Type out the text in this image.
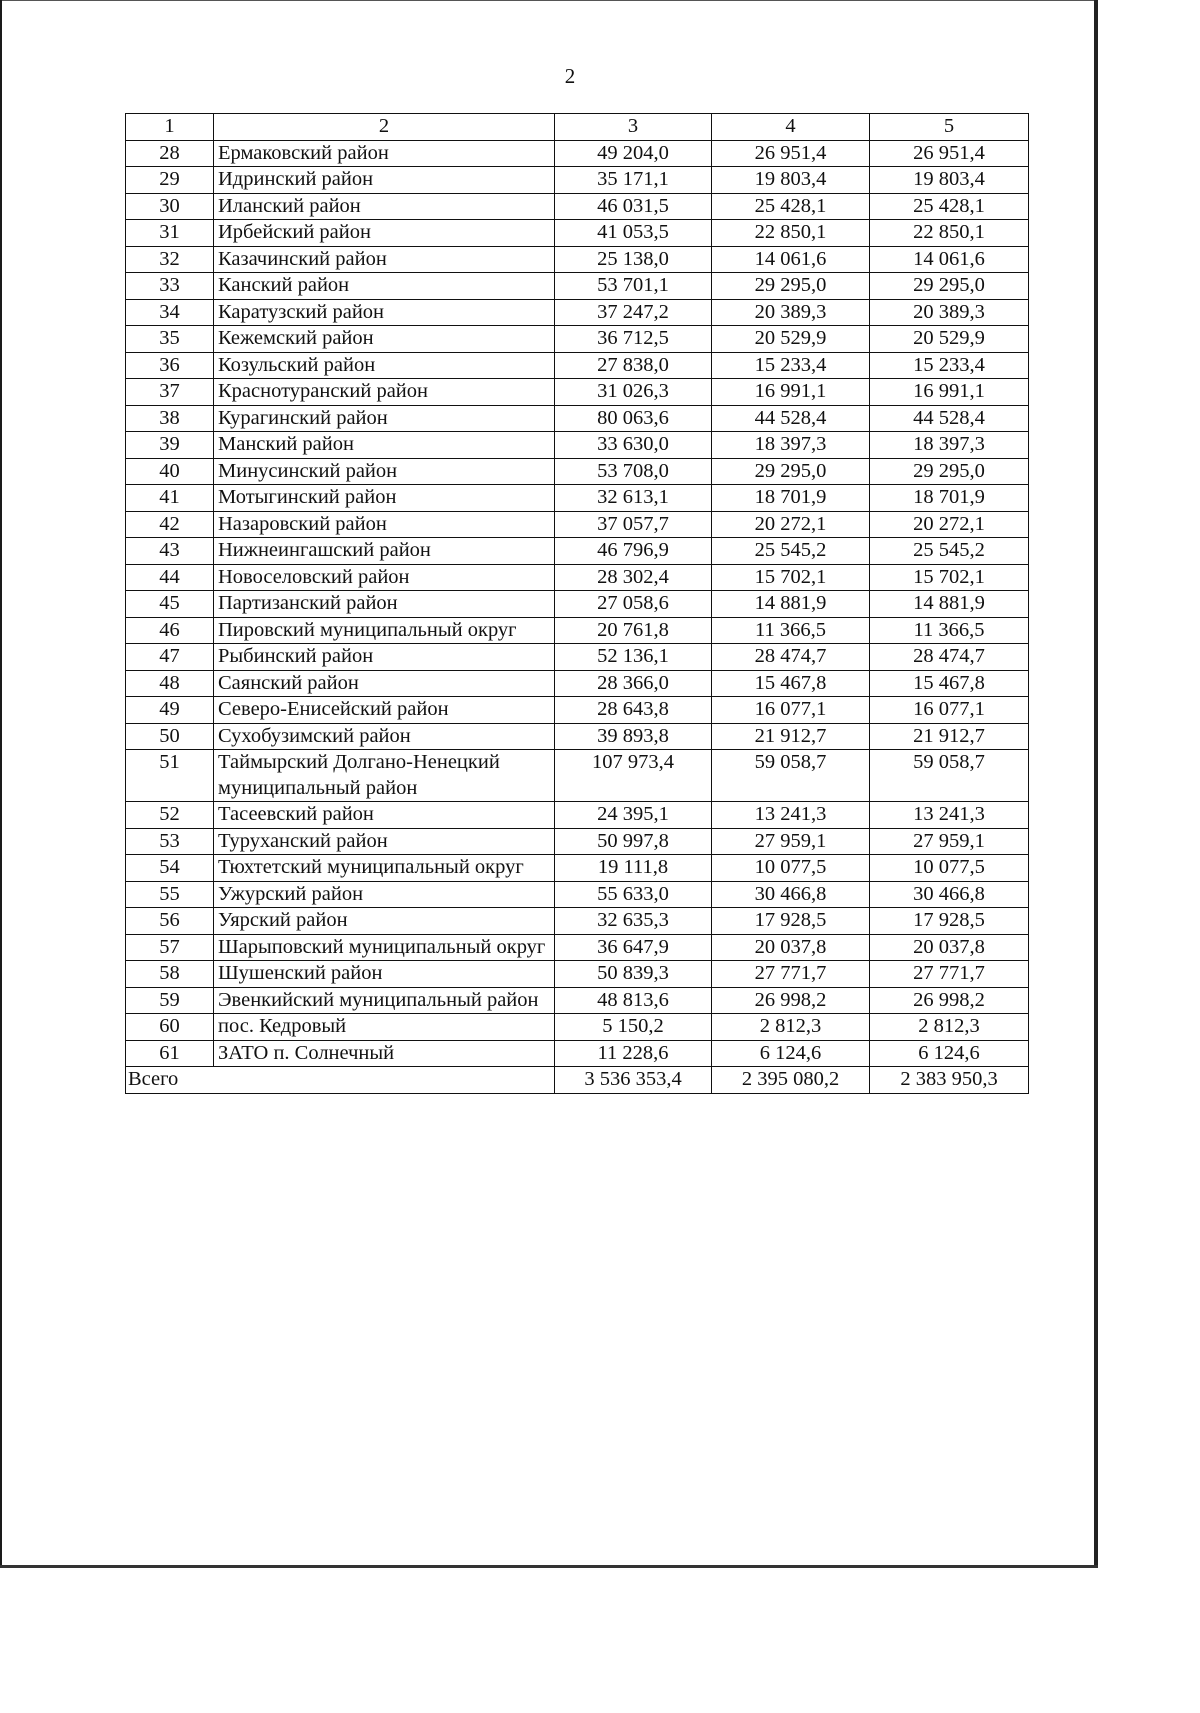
2
1	2	3	4	5
28	Ермаковский район	49 204,0	26 951,4	26 951,4
29	Идринский район	35 171,1	19 803,4	19 803,4
30	Иланский район	46 031,5	25 428,1	25 428,1
31	Ирбейский район	41 053,5	22 850,1	22 850,1
32	Казачинский район	25 138,0	14 061,6	14 061,6
33	Канский район	53 701,1	29 295,0	29 295,0
34	Каратузский район	37 247,2	20 389,3	20 389,3
35	Кежемский район	36 712,5	20 529,9	20 529,9
36	Козульский район	27 838,0	15 233,4	15 233,4
37	Краснотуранский район	31 026,3	16 991,1	16 991,1
38	Курагинский район	80 063,6	44 528,4	44 528,4
39	Манский район	33 630,0	18 397,3	18 397,3
40	Минусинский район	53 708,0	29 295,0	29 295,0
41	Мотыгинский район	32 613,1	18 701,9	18 701,9
42	Назаровский район	37 057,7	20 272,1	20 272,1
43	Нижнеингашский район	46 796,9	25 545,2	25 545,2
44	Новоселовский район	28 302,4	15 702,1	15 702,1
45	Партизанский район	27 058,6	14 881,9	14 881,9
46	Пировский муниципальный округ	20 761,8	11 366,5	11 366,5
47	Рыбинский район	52 136,1	28 474,7	28 474,7
48	Саянский район	28 366,0	15 467,8	15 467,8
49	Северо-Енисейский район	28 643,8	16 077,1	16 077,1
50	Сухобузимский район	39 893,8	21 912,7	21 912,7
51	Таймырский Долгано-Ненецкий муниципальный район	107 973,4	59 058,7	59 058,7
52	Тасеевский район	24 395,1	13 241,3	13 241,3
53	Туруханский район	50 997,8	27 959,1	27 959,1
54	Тюхтетский муниципальный округ	19 111,8	10 077,5	10 077,5
55	Ужурский район	55 633,0	30 466,8	30 466,8
56	Уярский район	32 635,3	17 928,5	17 928,5
57	Шарыповский муниципальный округ	36 647,9	20 037,8	20 037,8
58	Шушенский район	50 839,3	27 771,7	27 771,7
59	Эвенкийский муниципальный район	48 813,6	26 998,2	26 998,2
60	пос. Кедровый	5 150,2	2 812,3	2 812,3
61	ЗАТО п. Солнечный	11 228,6	6 124,6	6 124,6
Всего		3 536 353,4	2 395 080,2	2 383 950,3
